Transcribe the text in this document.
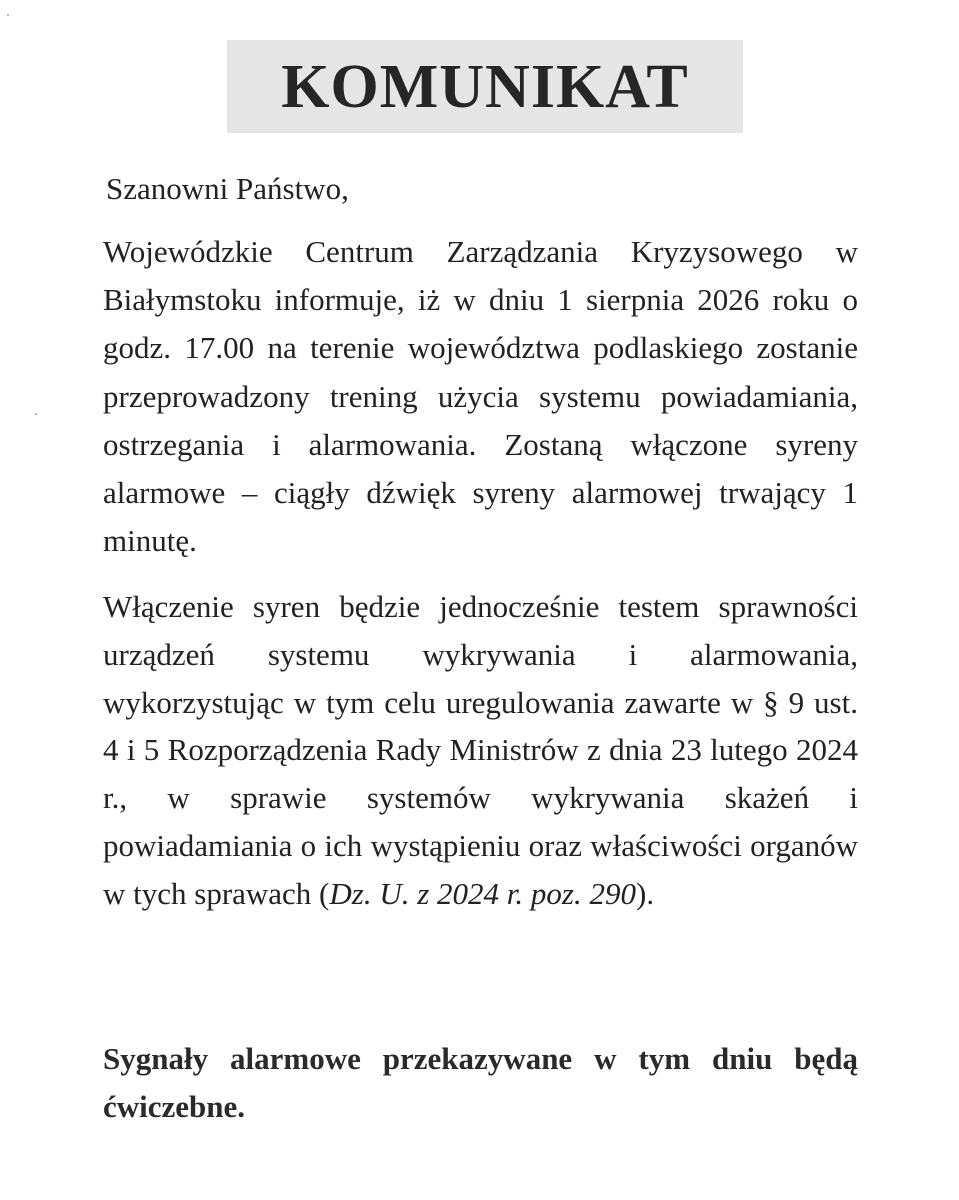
KOMUNIKAT

Szanowni Państwo,

Wojewódzkie Centrum Zarządzania Kryzysowego w Białymstoku informuje, iż w dniu 1 sierpnia 2026 roku o godz. 17.00 na terenie województwa podlaskiego zostanie przeprowadzony trening użycia systemu powiadamiania, ostrzegania i alarmowania. Zostaną włączone syreny alarmowe – ciągły dźwięk syreny alarmowej trwający 1 minutę.

Włączenie syren będzie jednocześnie testem sprawności urządzeń systemu wykrywania i alarmowania, wykorzystując w tym celu uregulowania zawarte w § 9 ust. 4 i 5 Rozporządzenia Rady Ministrów z dnia 23 lutego 2024 r., w sprawie systemów wykrywania skażeń i powiadamiania o ich wystąpieniu oraz właściwości organów w tych sprawach (Dz. U. z 2024 r. poz. 290).

Sygnały alarmowe przekazywane w tym dniu będą ćwiczebne.
